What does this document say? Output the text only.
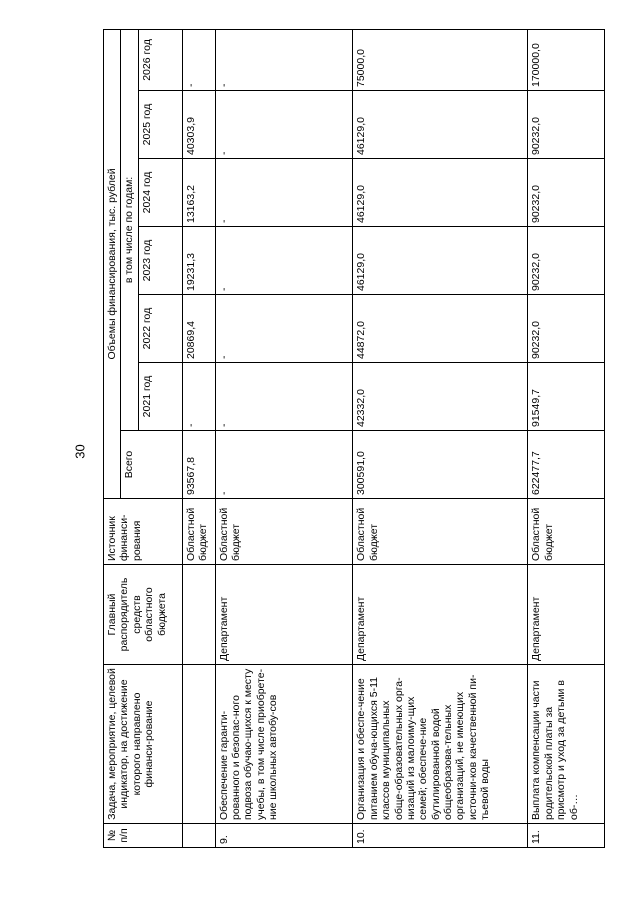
30
№ п/п	Задача, мероприятие, целевой индикатор, на достижение которого направлено финанси-рование	Главный распорядитель средств областного бюджета	Источник финанси-рования	Объемы финансирования, тыс. рублей						
				Всего	в том числе по годам:					
					2021 год	2022 год	2023 год	2024 год	2025 год	2026 год
			Областной бюджет	93567,8	-	20869,4	19231,3	13163,2	40303,9	-
9.	Обеспечение гаранти-рованного и безопас-ного подвоза обучаю-щихся к месту учебы, в том числе приобрете-ние школьных автобу-сов	Департамент	Областной бюджет	-	-	-	-	-	-	-
10.	Организация и обеспе-чение питанием обуча-ющихся 5-11 классов муниципальных обще-образовательных орга-низаций из малоиму-щих семей; обеспече-ние бутилированной водой общеобразова-тельных организаций, не имеющих источни-ков качественной пи-тьевой воды	Департамент	Областной бюджет	300591,0	42332,0	44872,0	46129,0	46129,0	46129,0	75000,0
11.	Выплата компенсации части родительской платы за присмотр и уход за детьми в об-…	Департамент	Областной бюджет	622477,7	91549,7	90232,0	90232,0	90232,0	90232,0	170000,0
